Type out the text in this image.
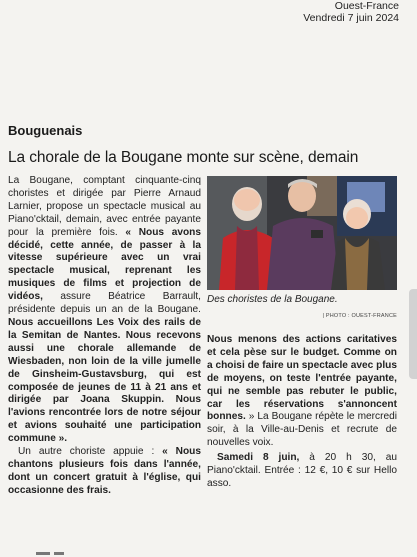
Ouest-France
Vendredi 7 juin 2024
Bouguenais
La chorale de la Bougane monte sur scène, demain

La Bougane, comptant cinquante-cinq choristes et dirigée par Pierre Arnaud Larnier, propose un spectacle musical au Piano'cktail, demain, avec entrée payante pour la première fois. « Nous avons décidé, cette année, de passer à la vitesse supérieure avec un vrai spectacle musical, reprenant les musiques de films et projection de vidéos, assure Béatrice Barrault, présidente depuis un an de la Bougane. Nous accueillons Les Voix des rails de la Semitan de Nantes. Nous recevons aussi une chorale allemande de Wiesbaden, non loin de la ville jumelle de Ginsheim-Gustavsburg, qui est composée de jeunes de 11 à 21 ans et dirigée par Joana Skuppin. Nous l'avions rencontrée lors de notre séjour et avions souhaité une participation commune ».

Un autre choriste appuie : « Nous chantons plusieurs fois dans l'année, dont un concert gratuit à l'église, qui occasionne des frais.

Des choristes de la Bougane.
| PHOTO : OUEST-FRANCE

Nous menons des actions caritatives et cela pèse sur le budget. Comme on a choisi de faire un spectacle avec plus de moyens, on teste l'entrée payante, qui ne semble pas rebuter le public, car les réservations s'annoncent bonnes. » La Bougane répète le mercredi soir, à la Ville-au-Denis et recrute de nouvelles voix.

Samedi 8 juin, à 20 h 30, au Piano'cktail. Entrée : 12 €, 10 € sur Hello asso.
